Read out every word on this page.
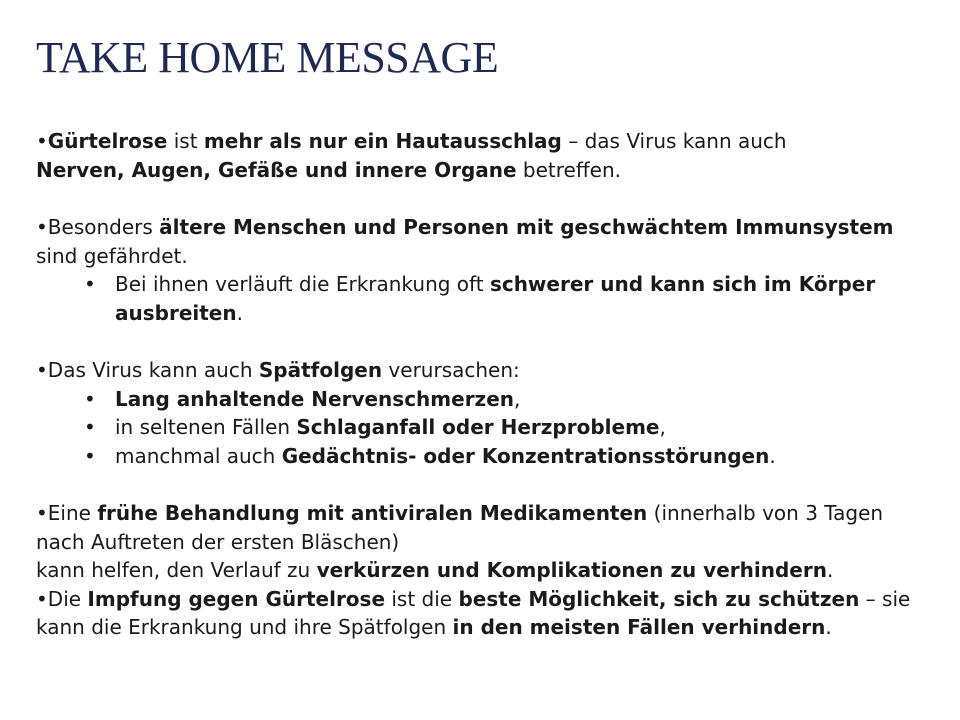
TAKE HOME MESSAGE

•Gürtelrose ist mehr als nur ein Hautausschlag – das Virus kann auch
Nerven, Augen, Gefäße und innere Organe betreffen.

•Besonders ältere Menschen und Personen mit geschwächtem Immunsystem sind gefährdet.

• Bei ihnen verläuft die Erkrankung oft schwerer und kann sich im Körper ausbreiten.

•Das Virus kann auch Spätfolgen verursachen:

• Lang anhaltende Nervenschmerzen,

• in seltenen Fällen Schlaganfall oder Herzprobleme,

• manchmal auch Gedächtnis- oder Konzentrationsstörungen.

•Eine frühe Behandlung mit antiviralen Medikamenten (innerhalb von 3 Tagen nach Auftreten der ersten Bläschen)
kann helfen, den Verlauf zu verkürzen und Komplikationen zu verhindern.

•Die Impfung gegen Gürtelrose ist die beste Möglichkeit, sich zu schützen – sie kann die Erkrankung und ihre Spätfolgen in den meisten Fällen verhindern.
